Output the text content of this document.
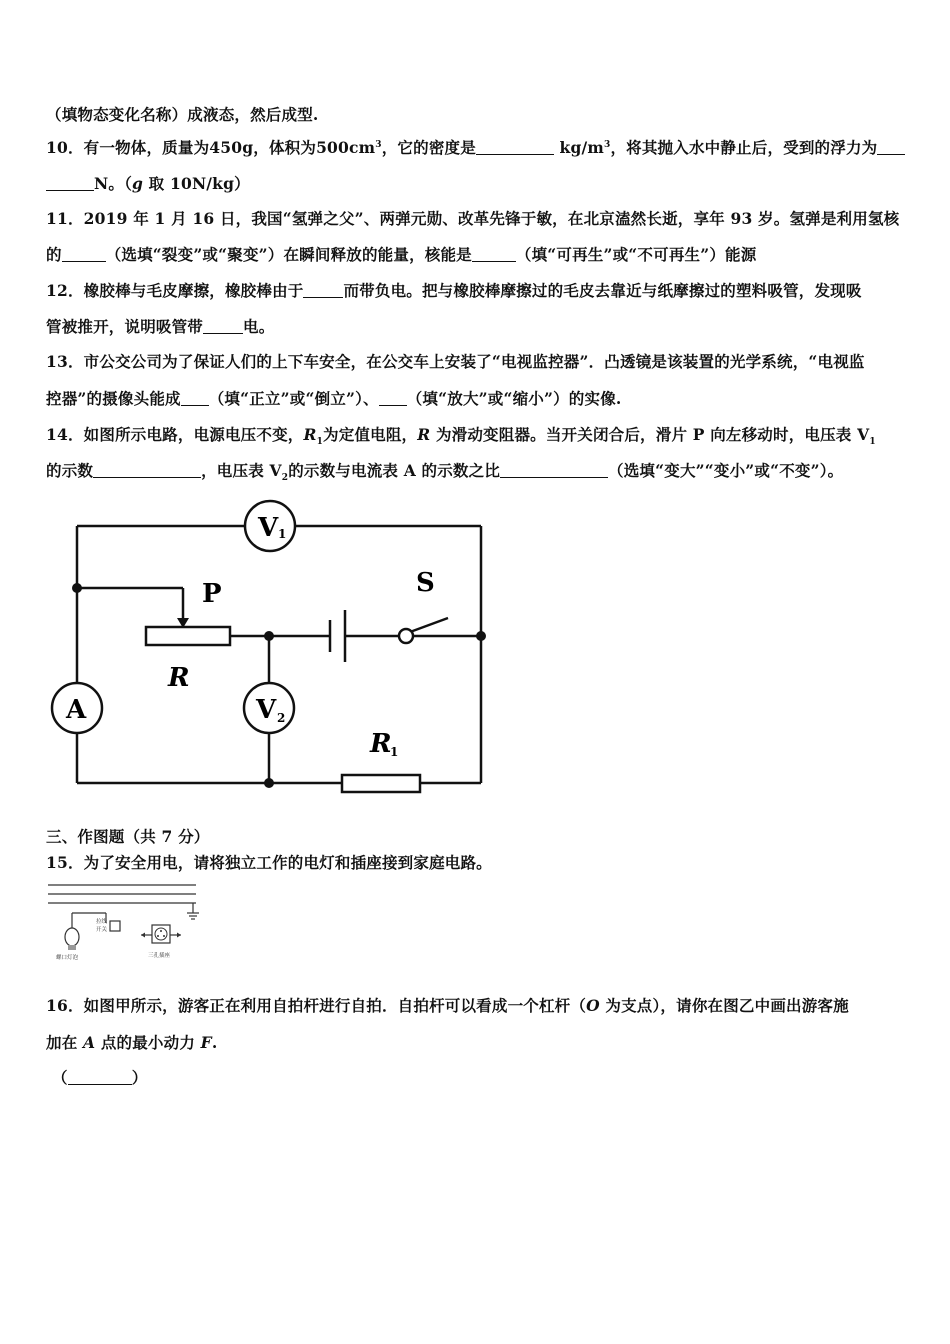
（填物态变化名称）成液态，然后成型.
10．有一物体，质量为450g，体积为$500cm^3$，它的密度是	$kg/m^3$，将其抛入水中静止后，受到的浮力为
N。（g 取 10N/kg）
11．2019 年 1 月 16 日，我国“氢弹之父”、两弹元勋、改革先锋于敏，在北京溘然长逝，享年 93 岁。氢弹是利用氢核
的	（选填“裂变”或“聚变”）在瞬间释放的能量，核能是	（填“可再生”或“不可再生”）能源
12．橡胶棒与毛皮摩擦，橡胶棒由于	而带负电。把与橡胶棒摩擦过的毛皮去靠近与纸摩擦过的塑料吸管，发现吸
管被推开，说明吸管带	电。
13．市公交公司为了保证人们的上下车安全，在公交车上安装了“电视监控器”．凸透镜是该装置的光学系统，“电视监
控器”的摄像头能成 （填“正立”或“倒立”）、 （填“放大”或“缩小”）的实像.
14．如图所示电路，电源电压不变，$R_1$为定值电阻，R 为滑动变阻器。当开关闭合后，滑片 P 向左移动时，电压表 $V_1$
的示数	，电压表 $V_2$的示数与电流表 A 的示数之比	（选填“变大”“变小”或“不变”）。
V 1
A	V 2
P	S
R
R
1
三、作图题（共 7 分）
15．为了安全用电，请将独立工作的电灯和插座接到家庭电路。
螺口灯泡
拉线
开关
三孔插座
16．如图甲所示，游客正在利用自拍杆进行自拍．自拍杆可以看成一个杠杆（O 为支点），请你在图乙中画出游客施
加在 A 点的最小动力 F.
（	）
